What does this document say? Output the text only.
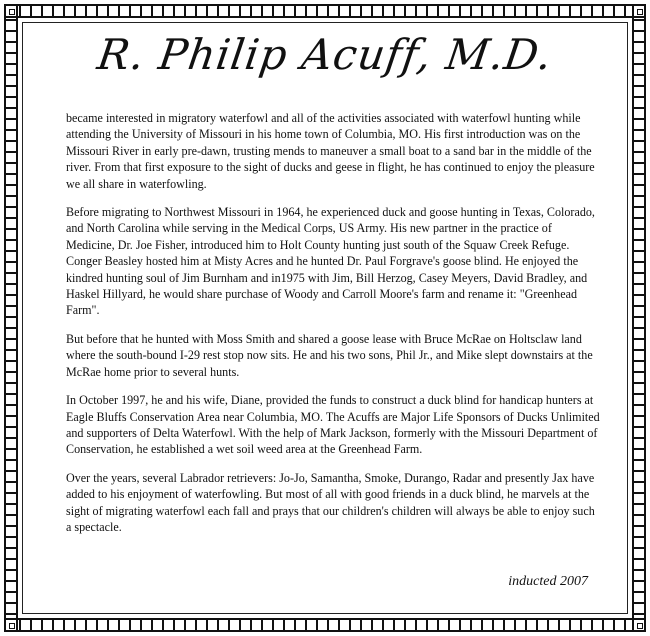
R. Philip Acuff, M.D.

became interested in migratory waterfowl and all of the activities associated with waterfowl hunting while attending the University of Missouri in his home town of Columbia, MO. His first introduction was on the Missouri River in early pre-dawn, trusting mends to maneuver a small boat to a sand bar in the middle of the river. From that first exposure to the sight of ducks and geese in flight, he has continued to enjoy the pleasure we all share in waterfowling.

Before migrating to Northwest Missouri in 1964, he experienced duck and goose hunting in Texas, Colorado, and North Carolina while serving in the Medical Corps, US Army. His new partner in the practice of Medicine, Dr. Joe Fisher, introduced him to Holt County hunting just south of the Squaw Creek Refuge. Conger Beasley hosted him at Misty Acres and he hunted Dr. Paul Forgrave's goose blind. He enjoyed the kindred hunting soul of Jim Burnham and in1975 with Jim, Bill Herzog, Casey Meyers, David Bradley, and Haskel Hillyard, he would share purchase of Woody and Carroll Moore's farm and rename it: "Greenhead Farm".

But before that he hunted with Moss Smith and shared a goose lease with Bruce McRae on Holtsclaw land where the south-bound I-29 rest stop now sits. He and his two sons, Phil Jr., and Mike slept downstairs at the McRae home prior to several hunts.

In October 1997, he and his wife, Diane, provided the funds to construct a duck blind for handicap hunters at Eagle Bluffs Conservation Area near Columbia, MO. The Acuffs are Major Life Sponsors of Ducks Unlimited and supporters of Delta Waterfowl. With the help of Mark Jackson, formerly with the Missouri Department of Conservation, he established a wet soil weed area at the Greenhead Farm.

Over the years, several Labrador retrievers: Jo-Jo, Samantha, Smoke, Durango, Radar and presently Jax have added to his enjoyment of waterfowling. But most of all with good friends in a duck blind, he marvels at the sight of migrating waterfowl each fall and prays that our children's children will always be able to enjoy such a spectacle.

inducted 2007
